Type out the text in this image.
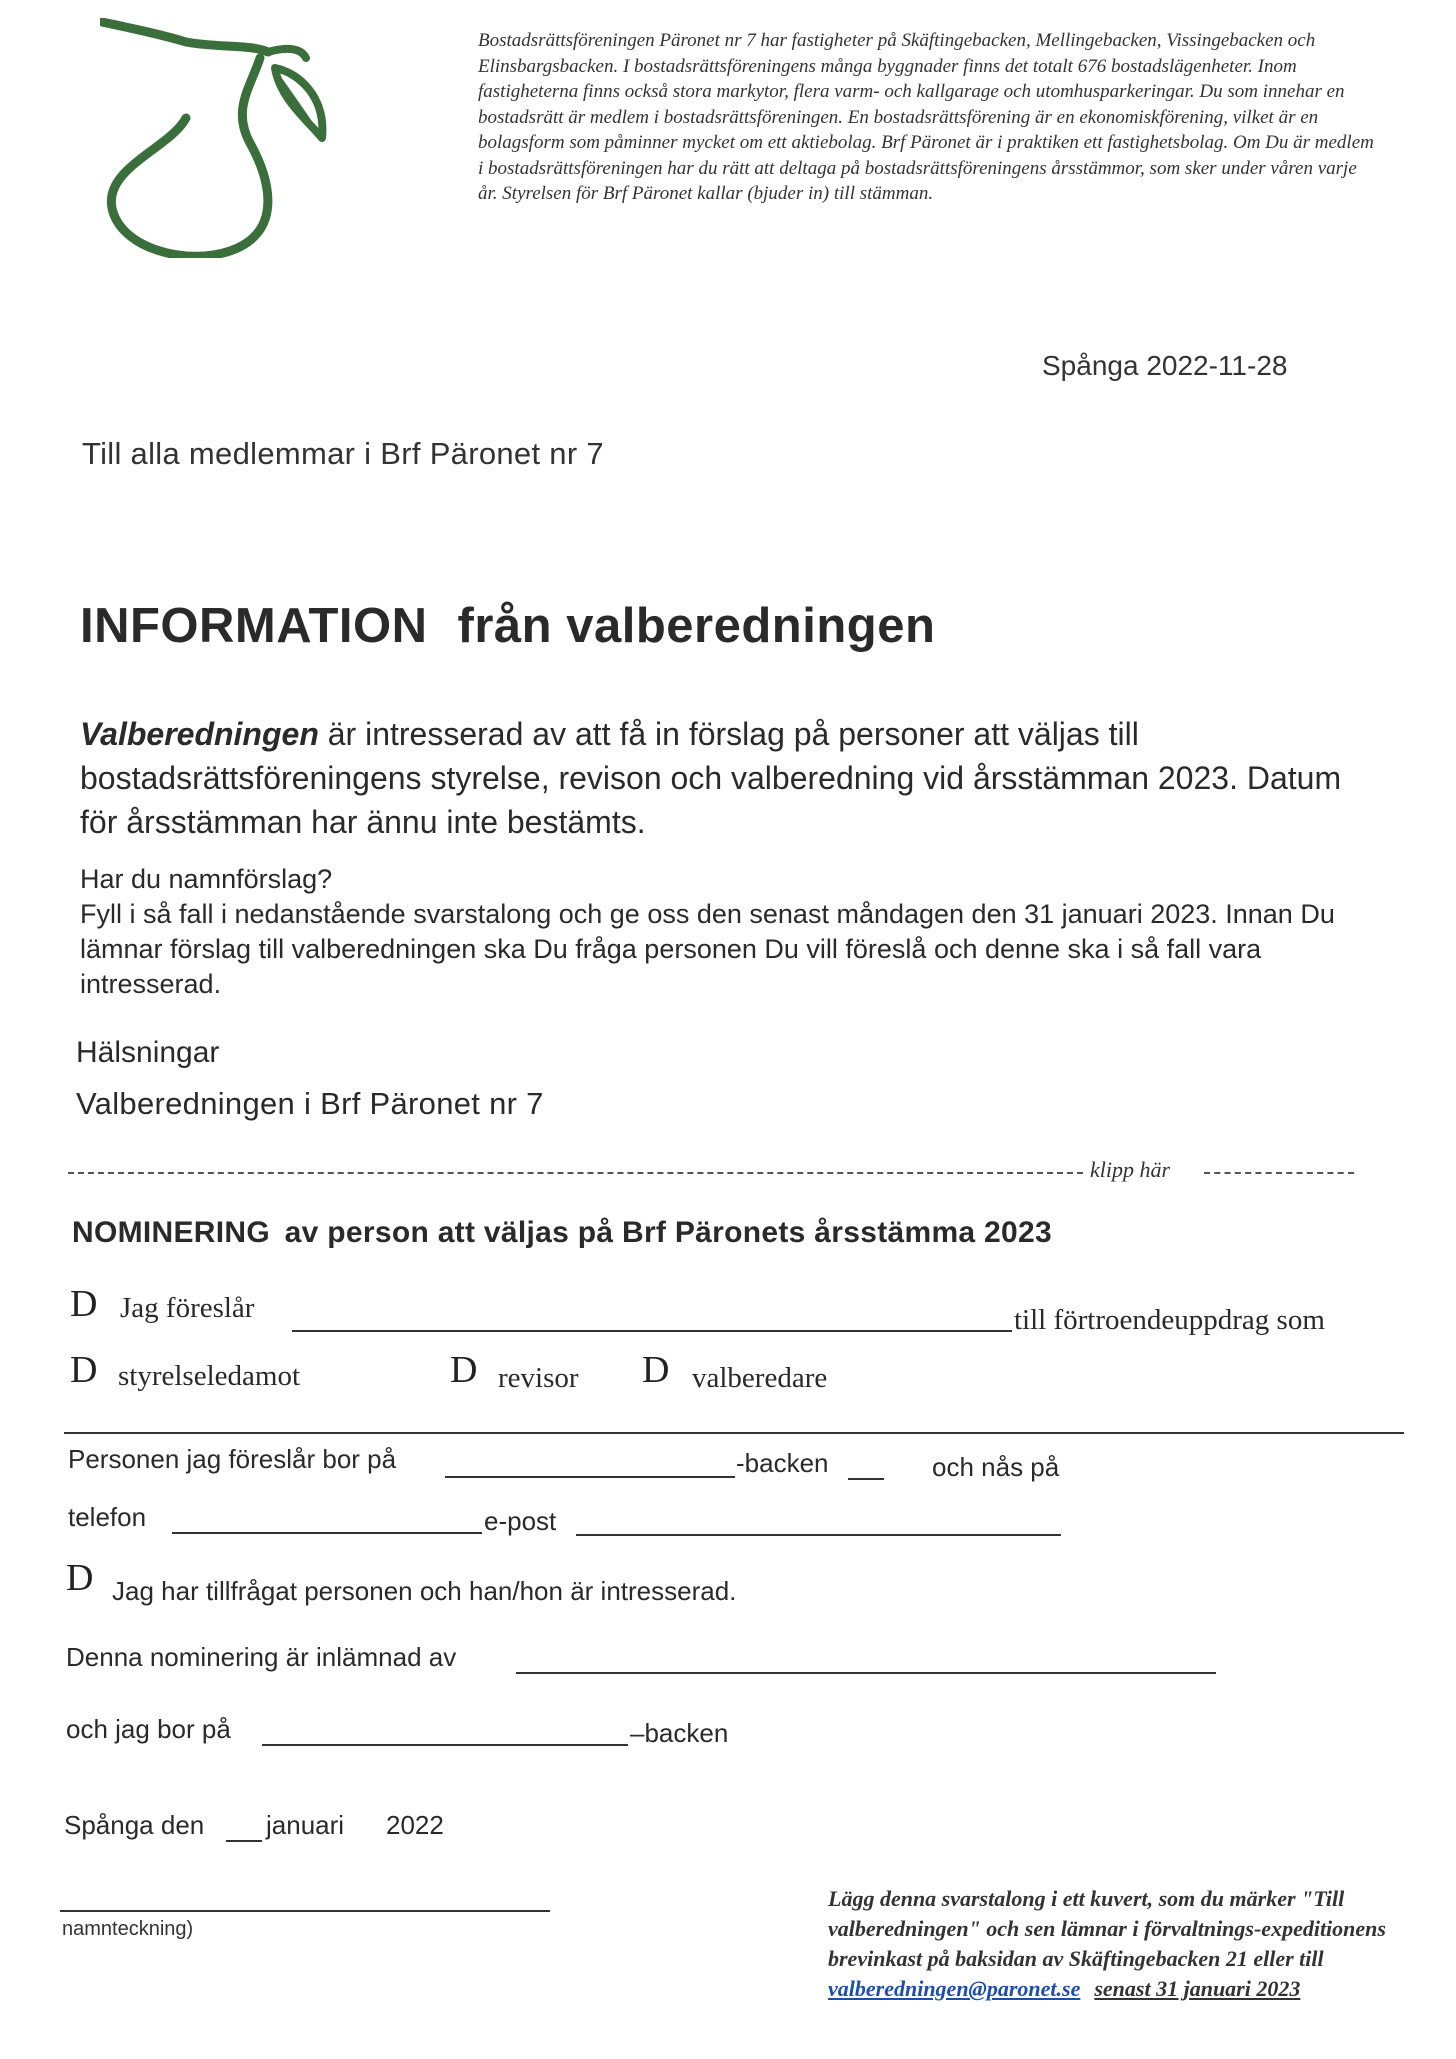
Bostadsrättsföreningen Päronet nr 7 har fastigheter på Skäftingebacken, Mellingebacken, Vissingebacken och Elinsbargsbacken. I bostadsrättsföreningens många byggnader finns det totalt 676 bostadslägenheter. Inom fastigheterna finns också stora markytor, flera varm- och kallgarage och utomhusparkeringar. Du som innehar en bostadsrätt är medlem i bostadsrättsföreningen. En bostadsrättsförening är en ekonomiskförening, vilket är en bolagsform som påminner mycket om ett aktiebolag. Brf Päronet är i praktiken ett fastighetsbolag. Om Du är medlem i bostadsrättsföreningen har du rätt att deltaga på bostadsrättsföreningens årsstämmor, som sker under våren varje år. Styrelsen för Brf Päronet kallar (bjuder in) till stämman.

Spånga 2022-11-28
Till alla medlemmar i Brf Päronet nr 7
INFORMATION från valberedningen
Valberedningen är intresserad av att få in förslag på personer att väljas till bostadsrättsföreningens styrelse, revison och valberedning vid årsstämman 2023. Datum för årsstämman har ännu inte bestämts.
Har du namnförslag?
Fyll i så fall i nedanstående svarstalong och ge oss den senast måndagen den 31 januari 2023. Innan Du lämnar förslag till valberedningen ska Du fråga personen Du vill föreslå och denne ska i så fall vara intresserad.
Hälsningar
Valberedningen i Brf Päronet nr 7
klipp här
NOMINERING av person att väljas på Brf Päronets årsstämma 2023
D Jag föreslår	till förtroendeuppdrag som
D styrelseledamot	D revisor D valberedare
Personen jag föreslår bor på	-backen	och nås på
telefon	e-post
D Jag har tillfrågat personen och han/hon är intresserad.
Denna nominering är inlämnad av
och jag bor på	–backen
Spånga den januari 2022
namnteckning)
Lägg denna svarstalong i ett kuvert, som du märker "Till valberedningen" och sen lämnar i förvaltnings-expeditionens brevinkast på baksidan av Skäftingebacken 21 eller till
valberedningen@paronet.se senast 31 januari 2023
